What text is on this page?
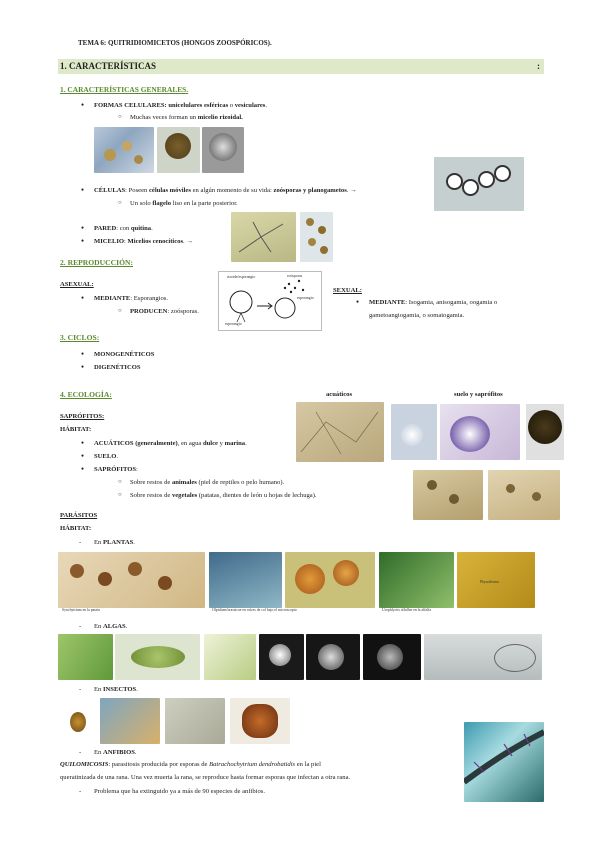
TEMA 6: QUITRIDIOMICETOS (HONGOS ZOOSPÓRICOS).
1. CARACTERÍSTICAS	:
1. CARACTERÍSTICAS GENERALES.
● FORMAS CELULARES: unicelulares esféricas o vesiculares.
○ Muchas veces forman un micelio rizoidal.
● CÉLULAS: Poseen células móviles en algún momento de su vida: zoósporas y planogametos. →
○ Un solo flagelo liso en la parte posterior.
● PARED: con quitina.
● MICELIO: Micelios cenocíticos. →
2. REPRODUCCIÓN:
ASEXUAL:
● MEDIANTE: Esporangios.
○ PRODUCEN: zoósporas.
rizoide/esporangio
esporangio
zoósporas
esporangio
SEXUAL:
● MEDIANTE: Isogamia, anisogamia, oogamia o
gametoangiogamia, o somatogamia.
3. CICLOS:
● MONOGENÉTICOS
● DIGENÉTICOS
4. ECOLOGÍA:	acuáticos	suelo y saprófitos
SAPRÓFITOS:
HÁBITAT:
● ACUÁTICOS (generalmente), en agua dulce y marina.
● SUELO.
● SAPRÓFITOS:
○ Sobre restos de animales (piel de reptiles o pelo humano).
○ Sobre restos de vegetales (patatas, dientes de león u hojas de lechuga).
PARÁSITOS
HÁBITAT:
- En PLANTAS.
Synchytrium en la patata	Olpidium brassicae en raíces de col bajo el microscopio	Urophlyctis alfalfae en la alfalfa
Physoderma
- En ALGAS.
- En INSECTOS.
- En ANFIBIOS.
QUILOMICOSIS: parasitosis producida por esporas de Batrachochytrium dendrobatidis en la piel
queratinizada de una rana. Una vez muerta la rana, se reproduce hasta formar esporas que infectan a otra rana.
- Problema que ha extinguido ya a más de 90 especies de anfibios.
